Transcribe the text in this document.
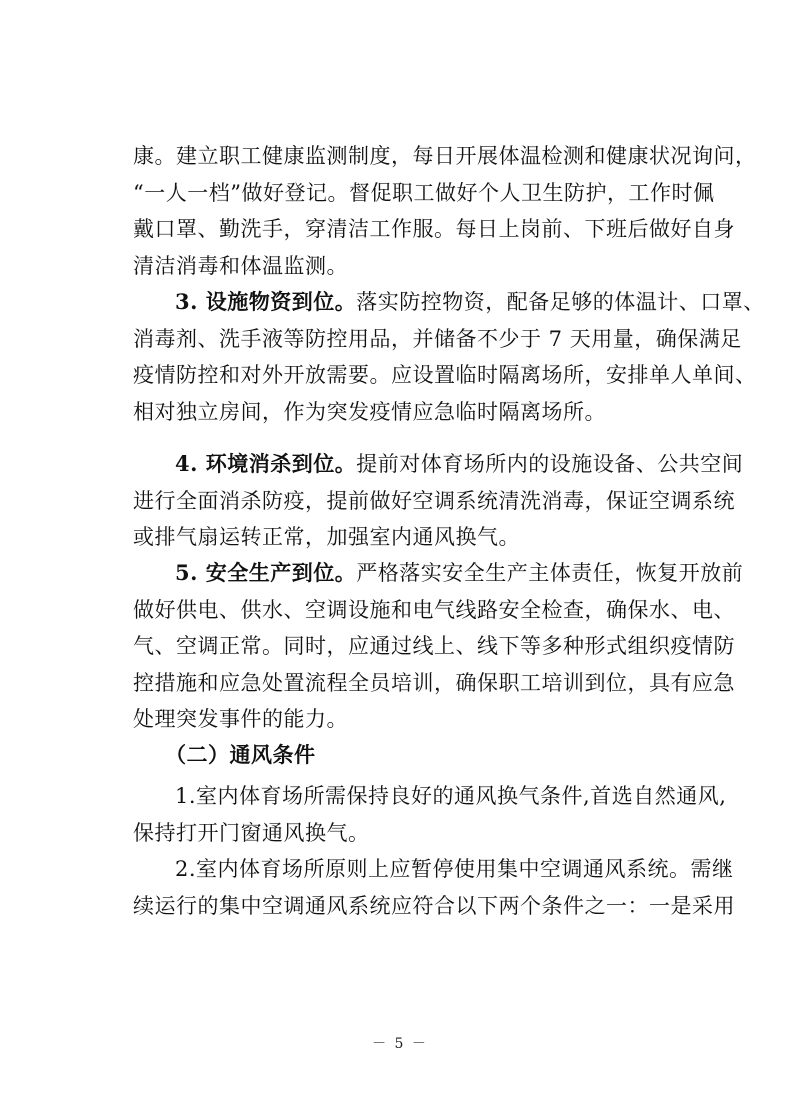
康。建立职工健康监测制度，每日开展体温检测和健康状况询问，
“一人一档”做好登记。督促职工做好个人卫生防护，工作时佩
戴口罩、勤洗手，穿清洁工作服。每日上岗前、下班后做好自身
清洁消毒和体温监测。
3. 设施物资到位。落实防控物资，配备足够的体温计、口罩、
消毒剂、洗手液等防控用品，并储备不少于 7 天用量，确保满足
疫情防控和对外开放需要。应设置临时隔离场所，安排单人单间、
相对独立房间，作为突发疫情应急临时隔离场所。
4. 环境消杀到位。提前对体育场所内的设施设备、公共空间
进行全面消杀防疫，提前做好空调系统清洗消毒，保证空调系统
或排气扇运转正常，加强室内通风换气。
5. 安全生产到位。严格落实安全生产主体责任，恢复开放前
做好供电、供水、空调设施和电气线路安全检查，确保水、电、
气、空调正常。同时，应通过线上、线下等多种形式组织疫情防
控措施和应急处置流程全员培训，确保职工培训到位，具有应急
处理突发事件的能力。
（二）通风条件
1.室内体育场所需保持良好的通风换气条件,首选自然通风,
保持打开门窗通风换气。
2.室内体育场所原则上应暂停使用集中空调通风系统。需继
续运行的集中空调通风系统应符合以下两个条件之一：一是采用
－ 5 －
